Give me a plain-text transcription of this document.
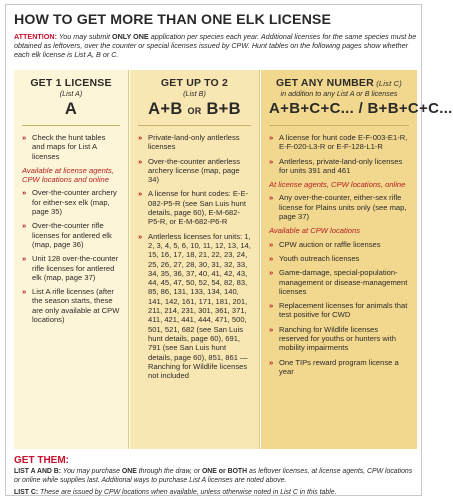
HOW TO GET MORE THAN ONE ELK LICENSE
ATTENTION: You may submit ONLY ONE application per species each year. Additional licenses for the same species must be obtained as leftovers, over the counter or special licenses issued by CPW. Hunt tables on the following pages show whether each elk license is List A, B or C.
GET 1 LICENSE
(List A)
A
» Check the hunt tables and maps for List A licenses
Available at license agents, CPW locations and online
» Over-the-counter archery for either-sex elk (map, page 35)
» Over-the-counter rifle licenses for antlered elk (map, page 36)
» Unit 128 over-the-counter rifle licenses for antlered elk (map, page 37)
» List A rifle licenses (after the season starts, these are only available at CPW locations)
GET UP TO 2
(List B)
A+B OR B+B
» Private-land-only antlerless licenses
» Over-the-counter antlerless archery license (map, page 34)
» A license for hunt codes: E-E-082-P5-R (see San Luis hunt details, page 60), E-M-682-P5-R, or E-M-682-P6-R
» Antlerless licenses for units: 1, 2, 3, 4, 5, 6, 10, 11, 12, 13, 14, 15, 16, 17, 18, 21, 22, 23, 24, 25, 26, 27, 28, 30, 31, 32, 33, 34, 35, 36, 37, 40, 41, 42, 43, 44, 45, 47, 50, 52, 54, 82, 83, 85, 86, 131, 133, 134, 140, 141, 142, 161, 171, 181, 201, 211, 214, 231, 301, 361, 371, 411, 421, 441, 444, 471, 500, 501, 521, 682 (see San Luis hunt details, page 60), 691, 791 (see San Luis hunt details, page 60), 851, 861 — Ranching for Wildlife licenses not included
GET ANY NUMBER (List C)
in addition to any List A or B licenses
A+B+C+C... / B+B+C+C...
» A license for hunt code E-F-003-E1-R, E-F-020-L3-R or E-F-128-L1-R
» Antlerless, private-land-only licenses for units 391 and 461
At license agents, CPW locations, online
» Any over-the-counter, either-sex rifle license for Plains units only (see map, page 37)
Available at CPW locations
» CPW auction or raffle licenses
» Youth outreach licenses
» Game-damage, special-population-management or disease-management licenses
» Replacement licenses for animals that test positive for CWD
» Ranching for Wildlife licenses reserved for youths or hunters with mobility impairments
» One TIPs reward program license a year
GET THEM:
LIST A AND B: You may purchase ONE through the draw, or ONE or BOTH as leftover licenses, at license agents, CPW locations or online while supplies last. Additional ways to purchase List A licenses are noted above.
LIST C: These are issued by CPW locations when available, unless otherwise noted in List C in this table.
